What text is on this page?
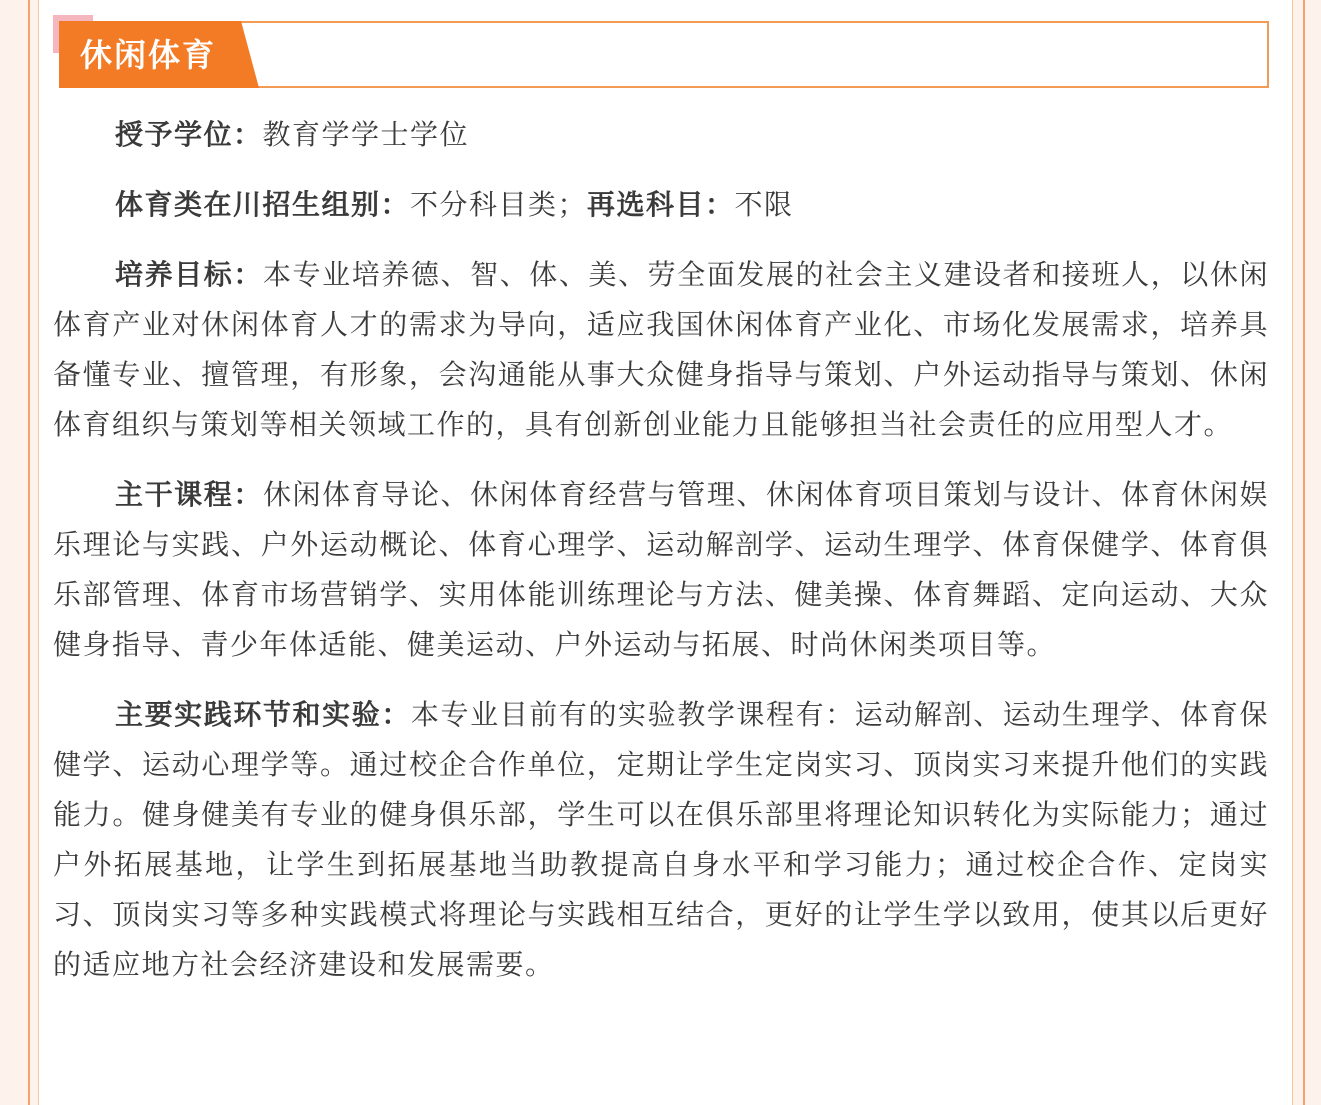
休闲体育

授予学位：教育学学士学位

体育类在川招生组别：不分科目类；再选科目：不限

培养目标：本专业培养德、智、体、美、劳全面发展的社会主义建设者和接班人，以休闲体育产业对休闲体育人才的需求为导向，适应我国休闲体育产业化、市场化发展需求，培养具备懂专业、擅管理，有形象，会沟通能从事大众健身指导与策划、户外运动指导与策划、休闲体育组织与策划等相关领域工作的，具有创新创业能力且能够担当社会责任的应用型人才。

主干课程：休闲体育导论、休闲体育经营与管理、休闲体育项目策划与设计、体育休闲娱乐理论与实践、户外运动概论、体育心理学、运动解剖学、运动生理学、体育保健学、体育俱乐部管理、体育市场营销学、实用体能训练理论与方法、健美操、体育舞蹈、定向运动、大众健身指导、青少年体适能、健美运动、户外运动与拓展、时尚休闲类项目等。

主要实践环节和实验：本专业目前有的实验教学课程有：运动解剖、运动生理学、体育保健学、运动心理学等。通过校企合作单位，定期让学生定岗实习、顶岗实习来提升他们的实践能力。健身健美有专业的健身俱乐部，学生可以在俱乐部里将理论知识转化为实际能力；通过户外拓展基地，让学生到拓展基地当助教提高自身水平和学习能力；通过校企合作、定岗实习、顶岗实习等多种实践模式将理论与实践相互结合，更好的让学生学以致用，使其以后更好的适应地方社会经济建设和发展需要。
